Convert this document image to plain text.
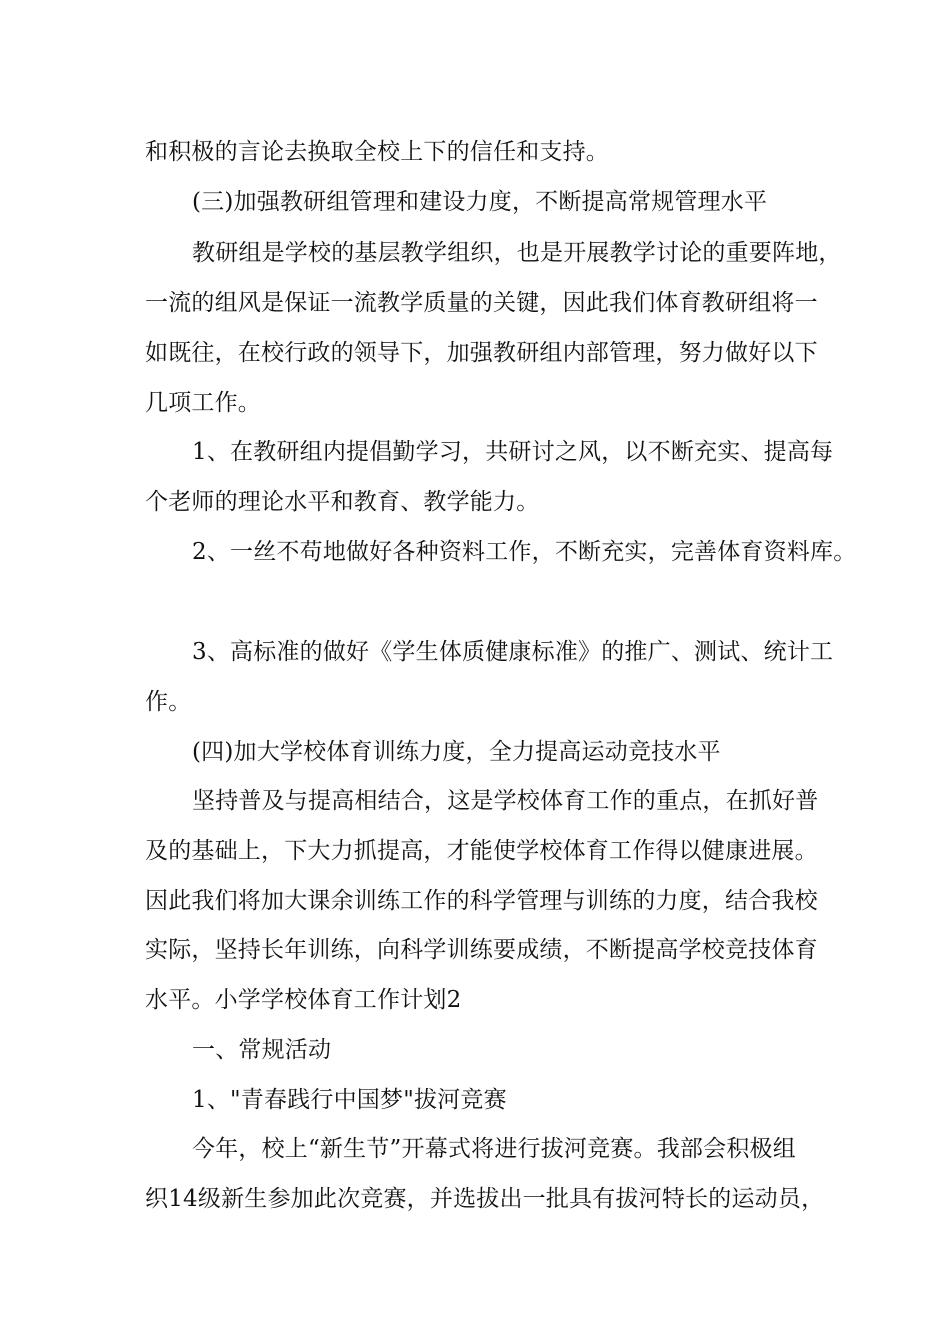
和积极的言论去换取全校上下的信任和支持。

(三)加强教研组管理和建设力度，不断提高常规管理水平

教研组是学校的基层教学组织，也是开展教学讨论的重要阵地，

一流的组风是保证一流教学质量的关键，因此我们体育教研组将一

如既往，在校行政的领导下，加强教研组内部管理，努力做好以下

几项工作。

1、在教研组内提倡勤学习，共研讨之风，以不断充实、提高每

个老师的理论水平和教育、教学能力。

2、一丝不苟地做好各种资料工作，不断充实，完善体育资料库。

3、高标准的做好《学生体质健康标准》的推广、测试、统计工

作。

(四)加大学校体育训练力度，全力提高运动竞技水平

坚持普及与提高相结合，这是学校体育工作的重点，在抓好普

及的基础上，下大力抓提高，才能使学校体育工作得以健康进展。

因此我们将加大课余训练工作的科学管理与训练的力度，结合我校

实际，坚持长年训练，向科学训练要成绩，不断提高学校竞技体育

水平。小学学校体育工作计划2

一、常规活动

1、"青春践行中国梦"拔河竞赛

今年，校上“新生节”开幕式将进行拔河竞赛。我部会积极组

织14级新生参加此次竞赛，并选拔出一批具有拔河特长的运动员，
